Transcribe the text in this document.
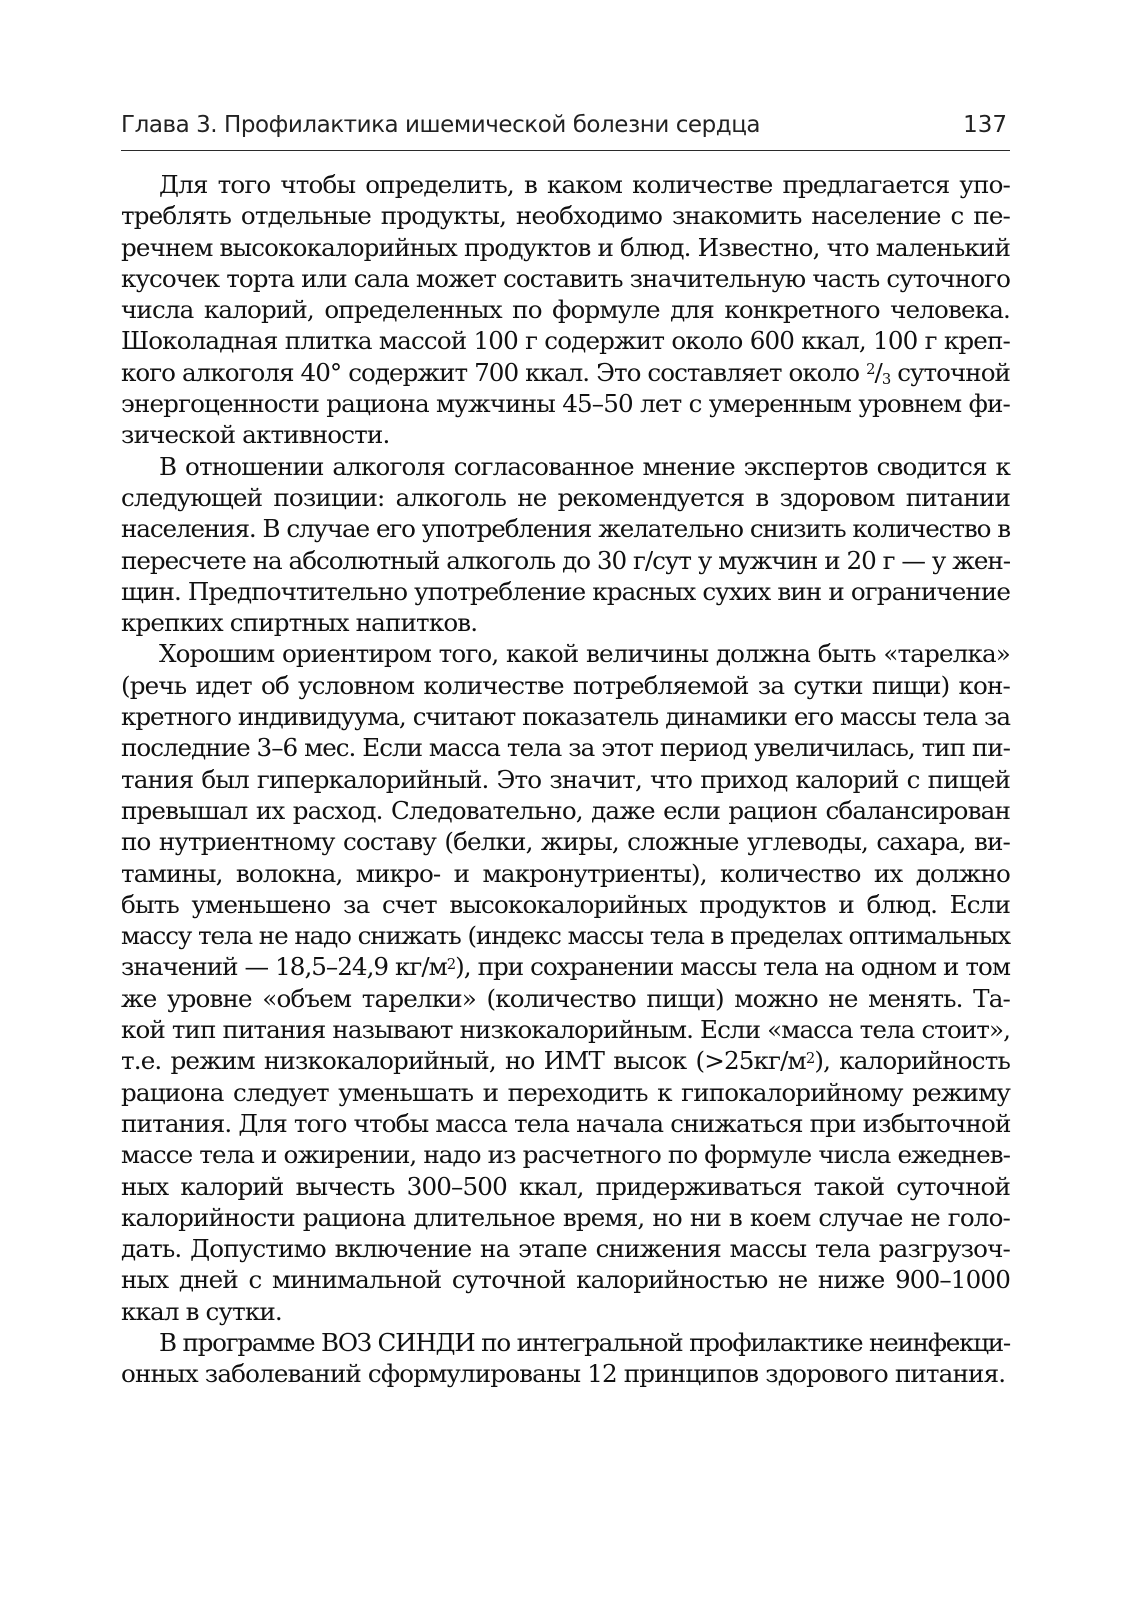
Глава 3. Профилактика ишемической болезни сердца	137
Для того чтобы определить, в каком количестве предлагается упо-
треблять отдельные продукты, необходимо знакомить население с пе-
речнем высококалорийных продуктов и блюд. Известно, что маленький
кусочек торта или сала может составить значительную часть суточного
числа калорий, определенных по формуле для конкретного человека.
Шоколадная плитка массой 100 г содержит около 600 ккал, 100 г креп-
кого алкоголя 40° содержит 700 ккал. Это составляет около $^2/_3$ суточной
энергоценности рациона мужчины 45–50 лет с умеренным уровнем фи-
зической активности.
В отношении алкоголя согласованное мнение экспертов сводится к
следующей позиции: алкоголь не рекомендуется в здоровом питании
населения. В случае его употребления желательно снизить количество в
пересчете на абсолютный алкоголь до 30 г/сут у мужчин и 20 г — у жен-
щин. Предпочтительно употребление красных сухих вин и ограничение
крепких спиртных напитков.
Хорошим ориентиром того, какой величины должна быть «тарелка»
(речь идет об условном количестве потребляемой за сутки пищи) кон-
кретного индивидуума, считают показатель динамики его массы тела за
последние 3–6 мес. Если масса тела за этот период увеличилась, тип пи-
тания был гиперкалорийный. Это значит, что приход калорий с пищей
превышал их расход. Следовательно, даже если рацион сбалансирован
по нутриентному составу (белки, жиры, сложные углеводы, сахара, ви-
тамины, волокна, микро- и макронутриенты), количество их должно
быть уменьшено за счет высококалорийных продуктов и блюд. Если
массу тела не надо снижать (индекс массы тела в пределах оптимальных
значений — 18,5–24,9 $кг/м^2$), при сохранении массы тела на одном и том
же уровне «объем тарелки» (количество пищи) можно не менять. Та-
кой тип питания называют низкокалорийным. Если «масса тела стоит»,
т.е. режим низкокалорийный, но ИМТ высок $(>25кг/м^2)$, калорийность
рациона следует уменьшать и переходить к гипокалорийному режиму
питания. Для того чтобы масса тела начала снижаться при избыточной
массе тела и ожирении, надо из расчетного по формуле числа ежеднев-
ных калорий вычесть 300–500 ккал, придерживаться такой суточной
калорийности рациона длительное время, но ни в коем случае не голо-
дать. Допустимо включение на этапе снижения массы тела разгрузоч-
ных дней с минимальной суточной калорийностью не ниже 900–1000
ккал в сутки.
В программе ВОЗ СИНДИ по интегральной профилактике неинфекци-
онных заболеваний сформулированы 12 принципов здорового питания.
